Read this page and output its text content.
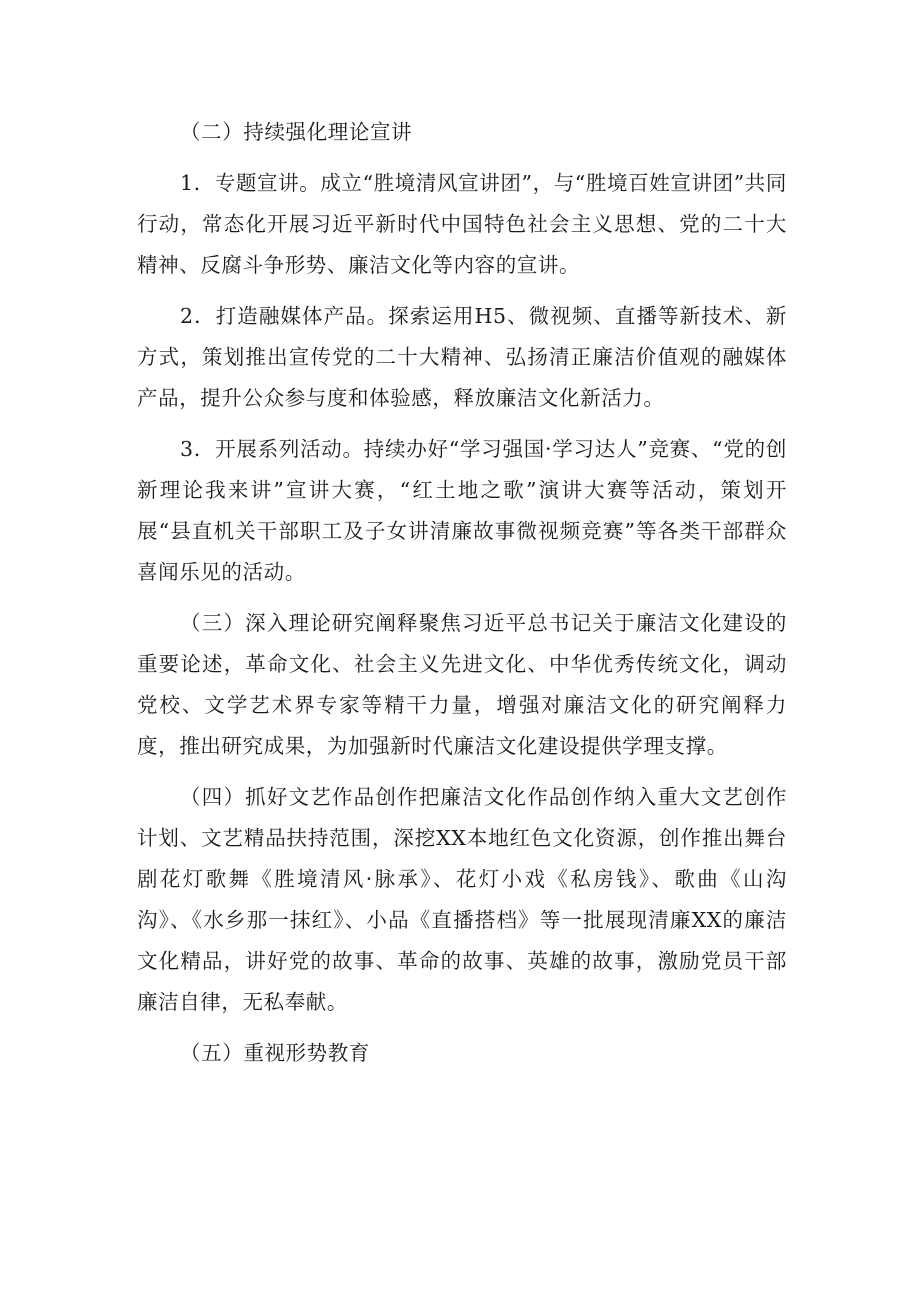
（二）持续强化理论宣讲

1．专题宣讲。成立“胜境清风宣讲团”，与“胜境百姓宣讲团”共同行动，常态化开展习近平新时代中国特色社会主义思想、党的二十大精神、反腐斗争形势、廉洁文化等内容的宣讲。

2．打造融媒体产品。探索运用H5、微视频、直播等新技术、新方式，策划推出宣传党的二十大精神、弘扬清正廉洁价值观的融媒体产品，提升公众参与度和体验感，释放廉洁文化新活力。

3．开展系列活动。持续办好“学习强国·学习达人”竞赛、“党的创新理论我来讲”宣讲大赛，“红土地之歌”演讲大赛等活动，策划开展“县直机关干部职工及子女讲清廉故事微视频竞赛”等各类干部群众喜闻乐见的活动。

（三）深入理论研究阐释聚焦习近平总书记关于廉洁文化建设的重要论述，革命文化、社会主义先进文化、中华优秀传统文化，调动党校、文学艺术界专家等精干力量，增强对廉洁文化的研究阐释力度，推出研究成果，为加强新时代廉洁文化建设提供学理支撑。

（四）抓好文艺作品创作把廉洁文化作品创作纳入重大文艺创作计划、文艺精品扶持范围，深挖XX本地红色文化资源，创作推出舞台剧花灯歌舞《胜境清风·脉承》、花灯小戏《私房钱》、歌曲《山沟沟》、《水乡那一抹红》、小品《直播搭档》等一批展现清廉XX的廉洁文化精品，讲好党的故事、革命的故事、英雄的故事，激励党员干部廉洁自律，无私奉献。

（五）重视形势教育
